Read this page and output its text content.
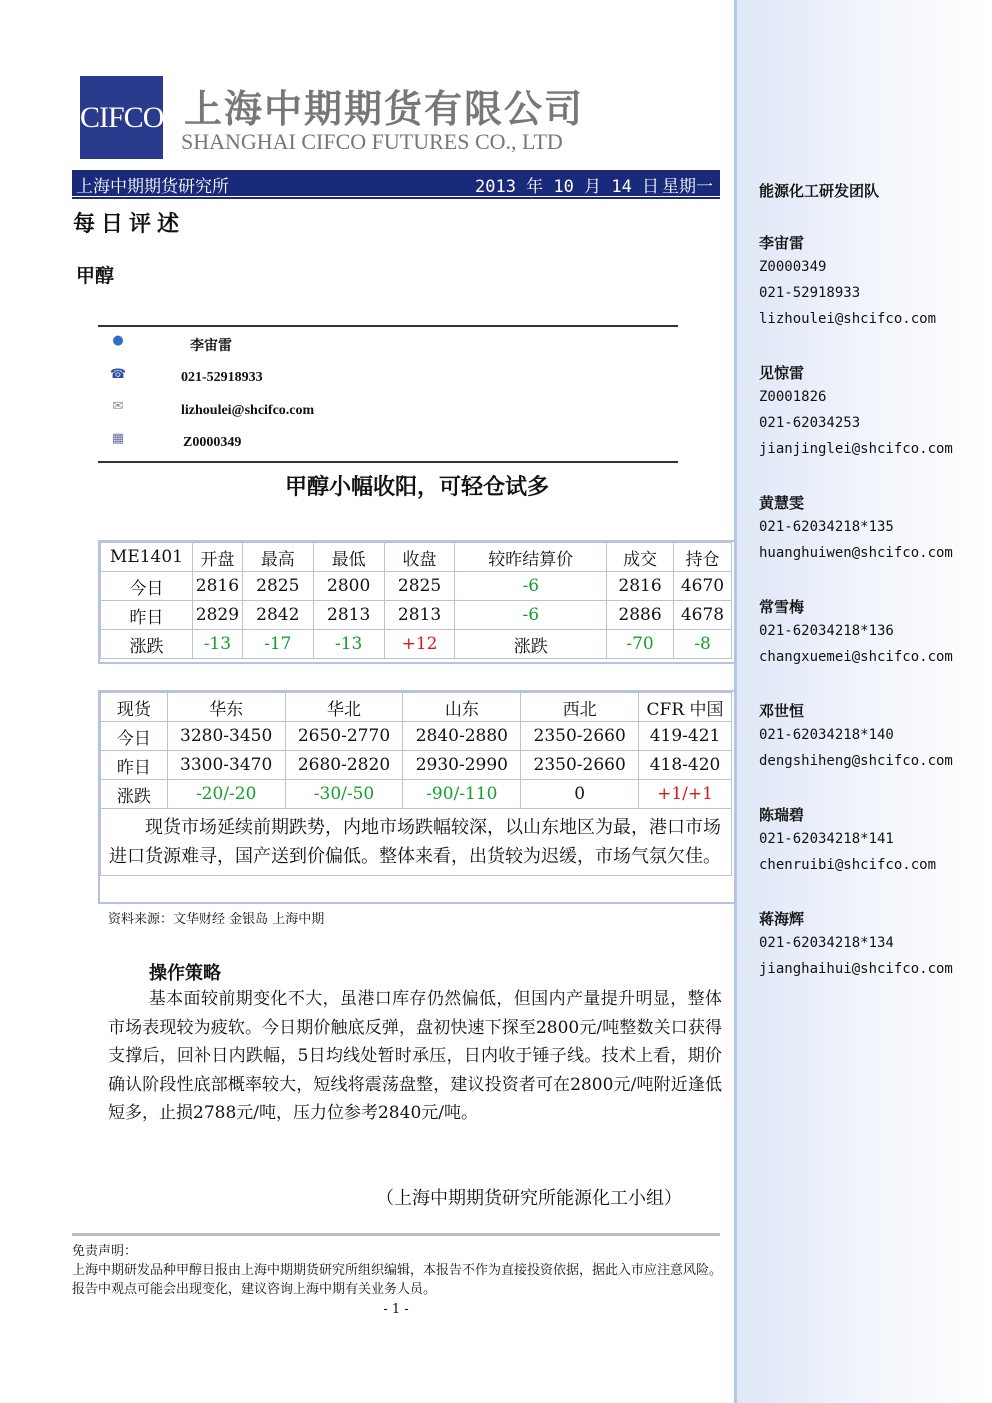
CIFCO 上海中期期货有限公司
SHANGHAI CIFCO FUTURES CO., LTD
上海中期期货研究所	2013 年 10 月 14 日 星期一
每日评述
甲醇
●	李宙雷
☎	021-52918933
✉	lizhoulei@shcifco.com
▦	Z0000349
甲醇小幅收阳，可轻仓试多
ME1401	开盘	最高	最低	收盘	较昨结算价	成交	持仓
今日	2816	2825	2800	2825	-6	2816	4670
昨日	2829	2842	2813	2813	-6	2886	4678
涨跌	-13	-17	-13	+12	涨跌	-70	-8
现货	华东	华北	山东	西北	CFR 中国
今日	3280-3450	2650-2770	2840-2880	2350-2660	419-421
昨日	3300-3470	2680-2820	2930-2990	2350-2660	418-420
涨跌	-20/-20	-30/-50	-90/-110	0	+1/+1
现货市场延续前期跌势，内地市场跌幅较深，以山东地区为最，港口市场进口货源难寻，国产送到价偏低。整体来看，出货较为迟缓，市场气氛欠佳。					
资料来源：文华财经 金银岛 上海中期
操作策略
基本面较前期变化不大，虽港口库存仍然偏低，但国内产量提升明显，整体市场表现较为疲软。今日期价触底反弹，盘初快速下探至2800元/吨整数关口获得支撑后，回补日内跌幅，5日均线处暂时承压，日内收于锤子线。技术上看，期价确认阶段性底部概率较大，短线将震荡盘整，建议投资者可在2800元/吨附近逢低短多，止损2788元/吨，压力位参考2840元/吨。
（上海中期期货研究所能源化工小组）
免责声明：
上海中期研发品种甲醇日报由上海中期期货研究所组织编辑，本报告不作为直接投资依据，据此入市应注意风险。报告中观点可能会出现变化，建议咨询上海中期有关业务人员。
- 1 -
能源化工研发团队
李宙雷
Z0000349
021-52918933
lizhoulei@shcifco.com
见惊雷
Z0001826
021-62034253
jianjinglei@shcifco.com
黄慧雯
021-62034218*135
huanghuiwen@shcifco.com
常雪梅
021-62034218*136
changxuemei@shcifco.com
邓世恒
021-62034218*140
dengshiheng@shcifco.com
陈瑞碧
021-62034218*141
chenruibi@shcifco.com
蒋海辉
021-62034218*134
jianghaihui@shcifco.com
